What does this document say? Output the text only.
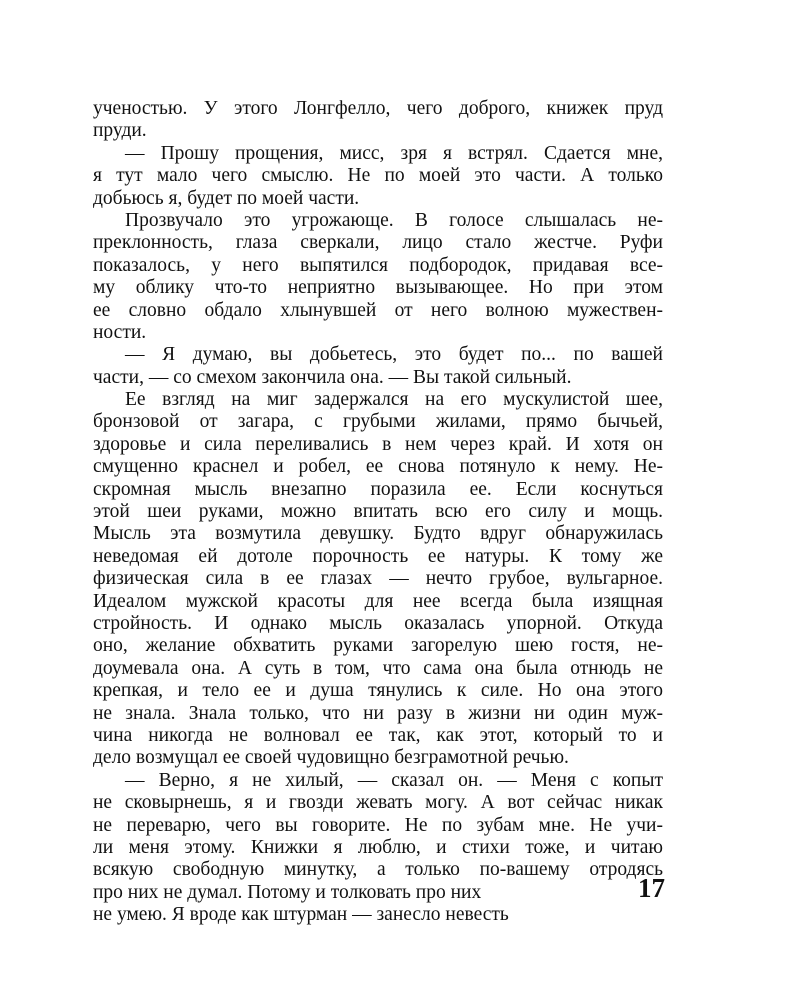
ученостью. У этого Лонгфелло, чего доброго, книжек пруд
пруди.
— Прошу прощения, мисс, зря я встрял. Сдается мне,
я тут мало чего смыслю. Не по моей это части. А только
добьюсь я, будет по моей части.
Прозвучало это угрожающе. В голосе слышалась не-
преклонность, глаза сверкали, лицо стало жестче. Руфи
показалось, у него выпятился подбородок, придавая все-
му облику что-то неприятно вызывающее. Но при этом
ее словно обдало хлынувшей от него волною мужествен-
ности.
— Я думаю, вы добьетесь, это будет по... по вашей
части, — со смехом закончила она. — Вы такой сильный.
Ее взгляд на миг задержался на его мускулистой шее,
бронзовой от загара, с грубыми жилами, прямо бычьей,
здоровье и сила переливались в нем через край. И хотя он
смущенно краснел и робел, ее снова потянуло к нему. Не-
скромная мысль внезапно поразила ее. Если коснуться
этой шеи руками, можно впитать всю его силу и мощь.
Мысль эта возмутила девушку. Будто вдруг обнаружилась
неведомая ей дотоле порочность ее натуры. К тому же
физическая сила в ее глазах — нечто грубое, вульгарное.
Идеалом мужской красоты для нее всегда была изящная
стройность. И однако мысль оказалась упорной. Откуда
оно, желание обхватить руками загорелую шею гостя, не-
доумевала она. А суть в том, что сама она была отнюдь не
крепкая, и тело ее и душа тянулись к силе. Но она этого
не знала. Знала только, что ни разу в жизни ни один муж-
чина никогда не волновал ее так, как этот, который то и
дело возмущал ее своей чудовищно безграмотной речью.
— Верно, я не хилый, — сказал он. — Меня с копыт
не сковырнешь, я и гвозди жевать могу. А вот сейчас никак
не переварю, чего вы говорите. Не по зубам мне. Не учи-
ли меня этому. Книжки я люблю, и стихи тоже, и читаю
всякую свободную минутку, а только по-вашему отродясь
про них не думал. Потому и толковать про них
не умею. Я вроде как штурман — занесло невесть
17
